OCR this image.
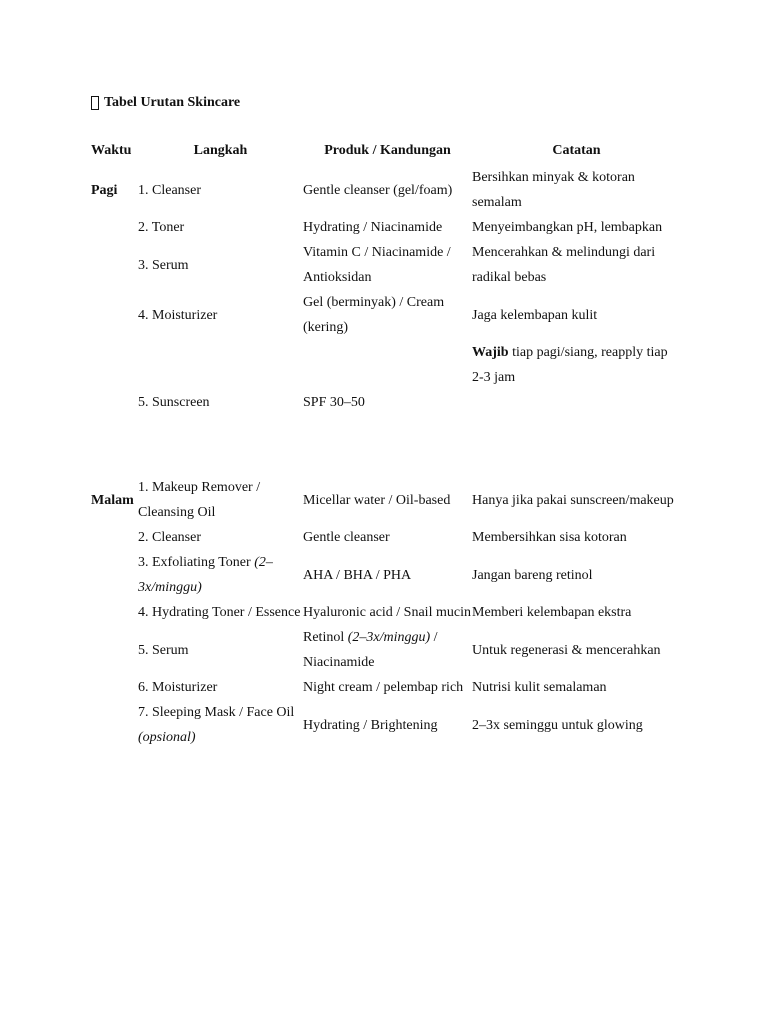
Tabel Urutan Skincare
Waktu	Langkah	Produk / Kandungan	Catatan
Pagi	1. Cleanser	Gentle cleanser (gel/foam)	Bersihkan minyak & kotoran semalam
	2. Toner	Hydrating / Niacinamide	Menyeimbangkan pH, lembapkan
	3. Serum	Vitamin C / Niacinamide / Antioksidan	Mencerahkan & melindungi dari radikal bebas
	4. Moisturizer	Gel (berminyak) / Cream (kering)	Jaga kelembapan kulit
	5. Sunscreen	SPF 30–50	Wajib tiap pagi/siang, reapply tiap 2-3 jam

Malam	1. Makeup Remover / Cleansing Oil	Micellar water / Oil-based	Hanya jika pakai sunscreen/makeup
	2. Cleanser	Gentle cleanser	Membersihkan sisa kotoran
	3. Exfoliating Toner (2–3x/minggu)	AHA / BHA / PHA	Jangan bareng retinol
	4. Hydrating Toner / Essence	Hyaluronic acid / Snail mucin	Memberi kelembapan ekstra
	5. Serum	Retinol (2–3x/minggu) / Niacinamide	Untuk regenerasi & mencerahkan
	6. Moisturizer	Night cream / pelembap rich	Nutrisi kulit semalaman
	7. Sleeping Mask / Face Oil (opsional)	Hydrating / Brightening	2–3x seminggu untuk glowing
